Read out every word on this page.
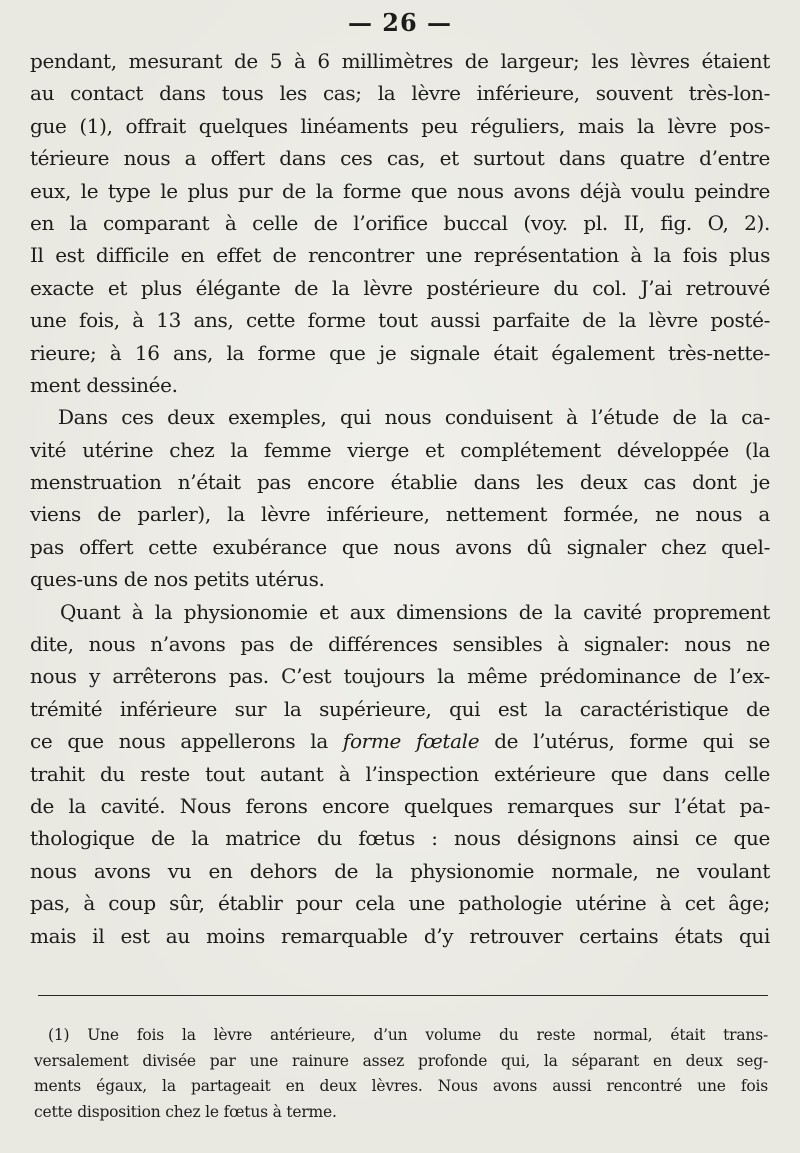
— 26 —
pendant, mesurant de 5 à 6 millimètres de largeur; les lèvres étaient
au contact dans tous les cas; la lèvre inférieure, souvent très-lon-
gue (1), offrait quelques linéaments peu réguliers, mais la lèvre pos-
térieure nous a offert dans ces cas, et surtout dans quatre d’entre
eux, le type le plus pur de la forme que nous avons déjà voulu peindre
en la comparant à celle de l’orifice buccal (voy. pl. II, fig. O, 2).
Il est difficile en effet de rencontrer une représentation à la fois plus
exacte et plus élégante de la lèvre postérieure du col. J’ai retrouvé
une fois, à 13 ans, cette forme tout aussi parfaite de la lèvre posté-
rieure; à 16 ans, la forme que je signale était également très-nette-
ment dessinée.
Dans ces deux exemples, qui nous conduisent à l’étude de la ca-
vité utérine chez la femme vierge et complétement développée (la
menstruation n’était pas encore établie dans les deux cas dont je
viens de parler), la lèvre inférieure, nettement formée, ne nous a
pas offert cette exubérance que nous avons dû signaler chez quel-
ques-uns de nos petits utérus.
Quant à la physionomie et aux dimensions de la cavité proprement
dite, nous n’avons pas de différences sensibles à signaler: nous ne
nous y arrêterons pas. C’est toujours la même prédominance de l’ex-
trémité inférieure sur la supérieure, qui est la caractéristique de
ce que nous appellerons la forme fœtale de l’utérus, forme qui se
trahit du reste tout autant à l’inspection extérieure que dans celle
de la cavité. Nous ferons encore quelques remarques sur l’état pa-
thologique de la matrice du fœtus : nous désignons ainsi ce que
nous avons vu en dehors de la physionomie normale, ne voulant
pas, à coup sûr, établir pour cela une pathologie utérine à cet âge;
mais il est au moins remarquable d’y retrouver certains états qui
(1) Une fois la lèvre antérieure, d’un volume du reste normal, était trans-
versalement divisée par une rainure assez profonde qui, la séparant en deux seg-
ments égaux, la partageait en deux lèvres. Nous avons aussi rencontré une fois
cette disposition chez le fœtus à terme.
